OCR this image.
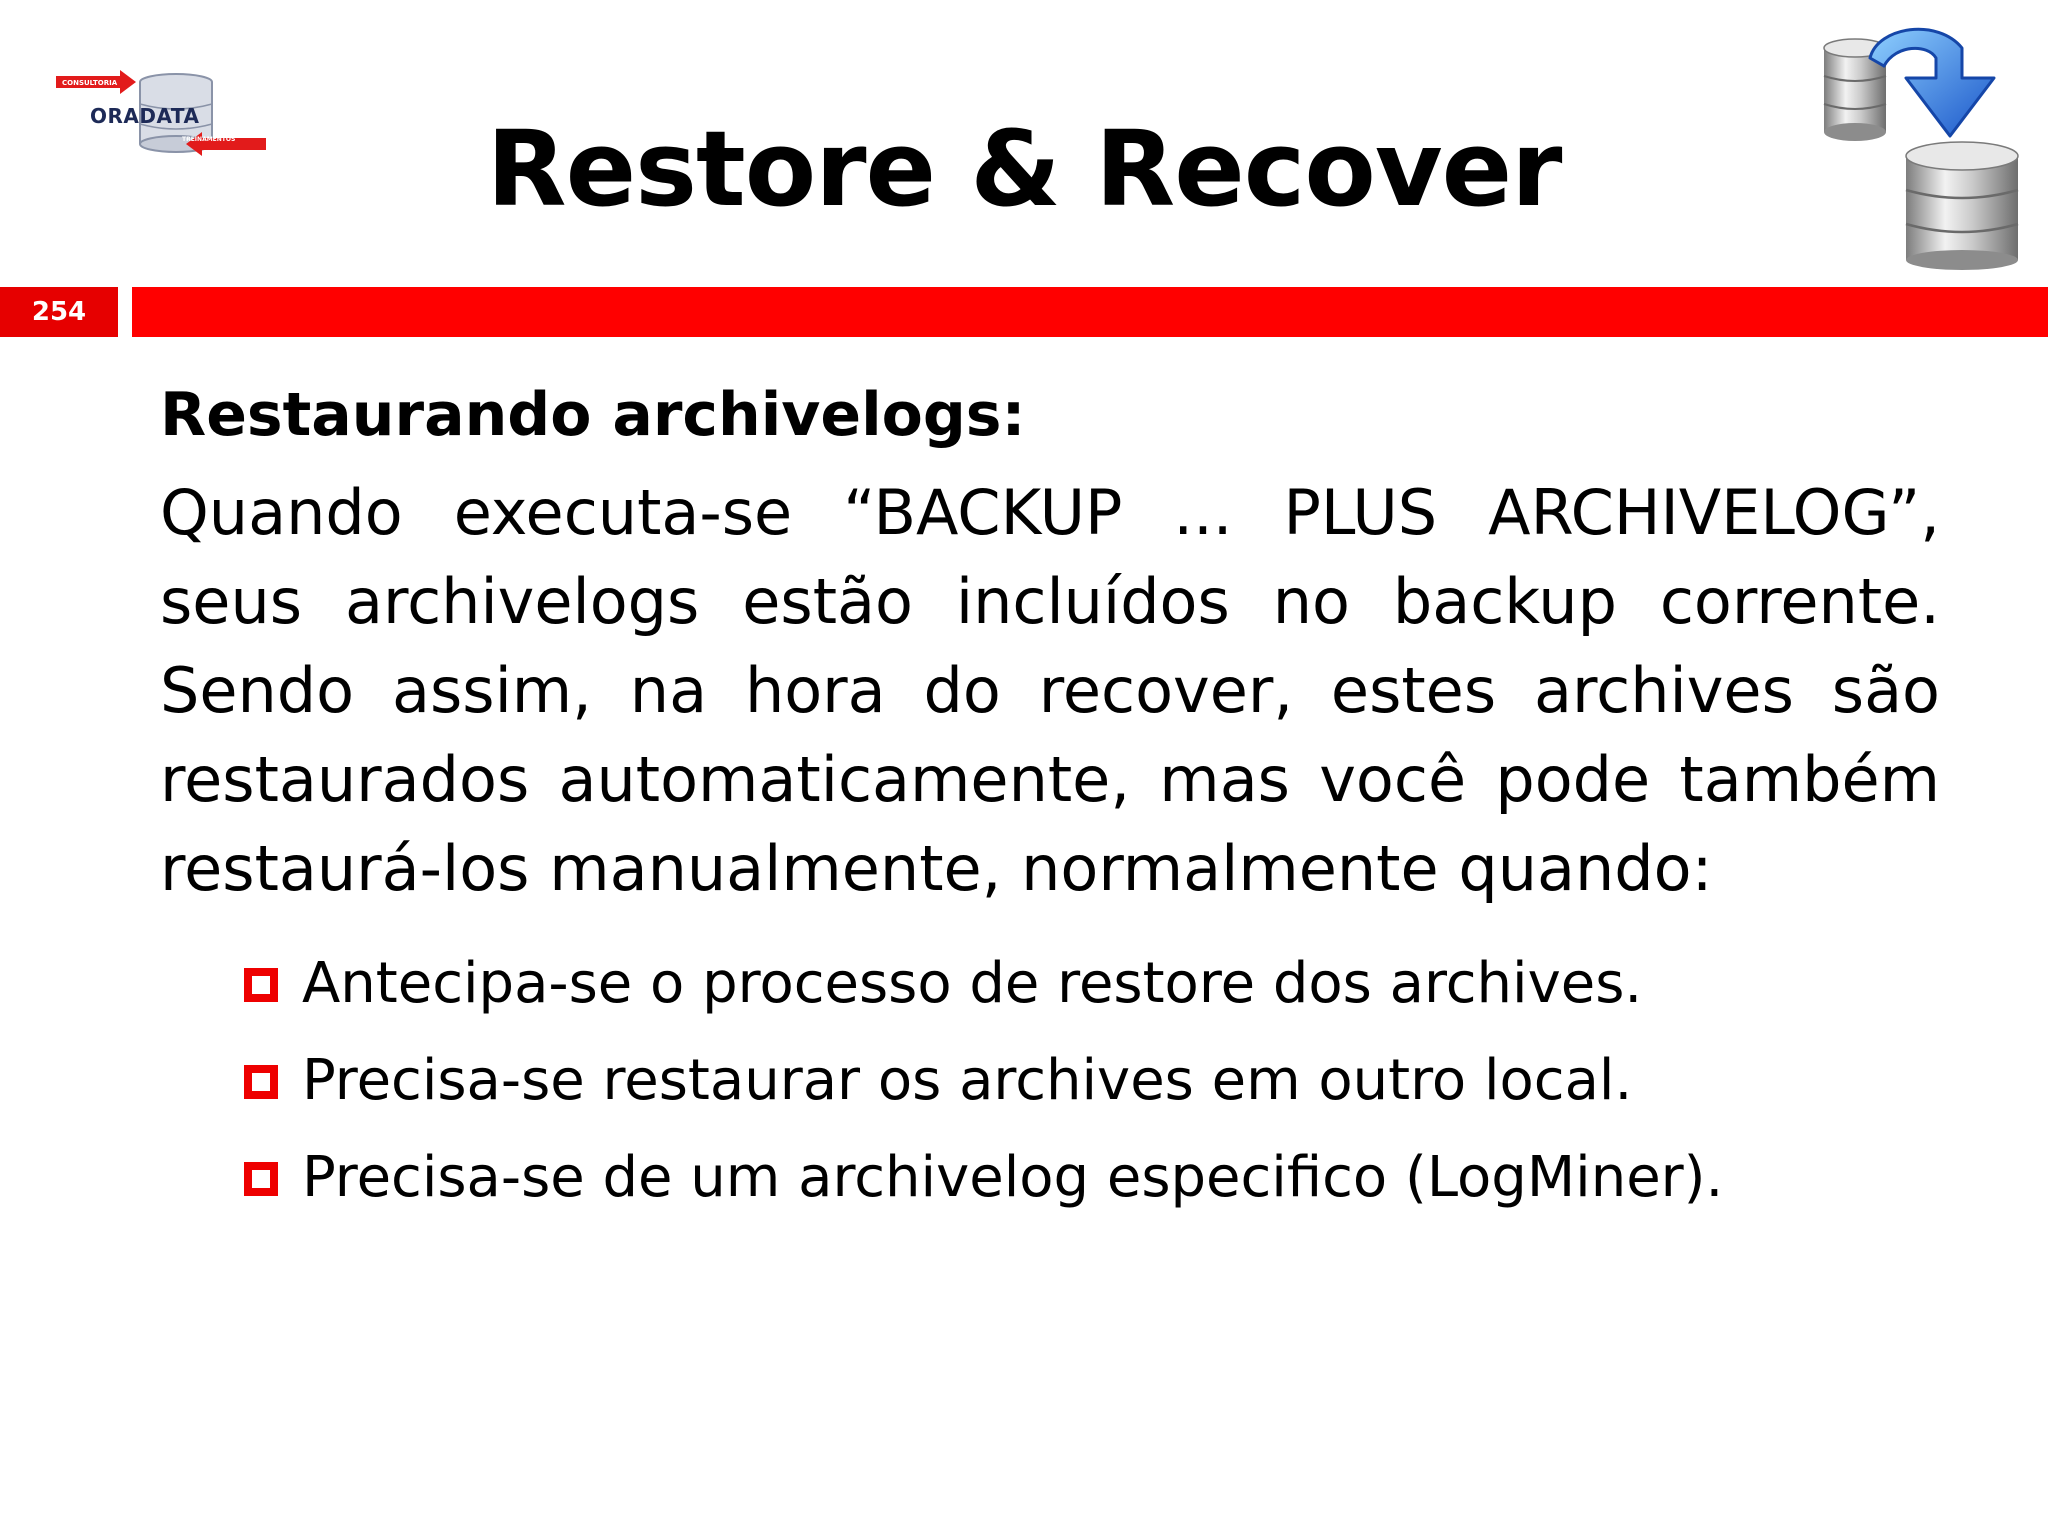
CONSULTORIA
ORADATA
TREINAMENTOS	Restore & Recover
254

Restaurando archivelogs:

Quando executa-se “BACKUP ... PLUS ARCHIVELOG”, seus archivelogs estão incluídos no backup corrente. Sendo assim, na hora do recover, estes archives são restaurados automaticamente, mas você pode também restaurá-los manualmente, normalmente quando:

Antecipa-se o processo de restore dos archives.
Precisa-se restaurar os archives em outro local.
Precisa-se de um archivelog especifico (LogMiner).
